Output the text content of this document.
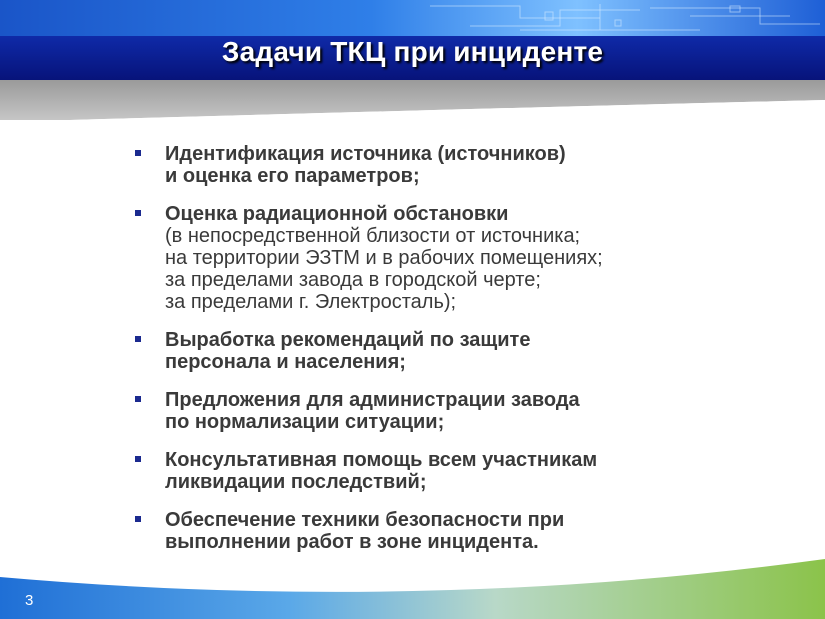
Задачи ТКЦ при инциденте
Идентификация источника (источников)
и оценка его параметров;
Оценка радиационной обстановки
(в непосредственной близости от источника;
на территории ЭЗТМ и в рабочих помещениях;
за пределами завода в городской черте;
за пределами г. Электросталь);
Выработка рекомендаций по защите
персонала и населения;
Предложения для администрации завода
по нормализации ситуации;
Консультативная помощь всем участникам
ликвидации последствий;
Обеспечение техники безопасности при
выполнении работ в зоне инцидента.
3
